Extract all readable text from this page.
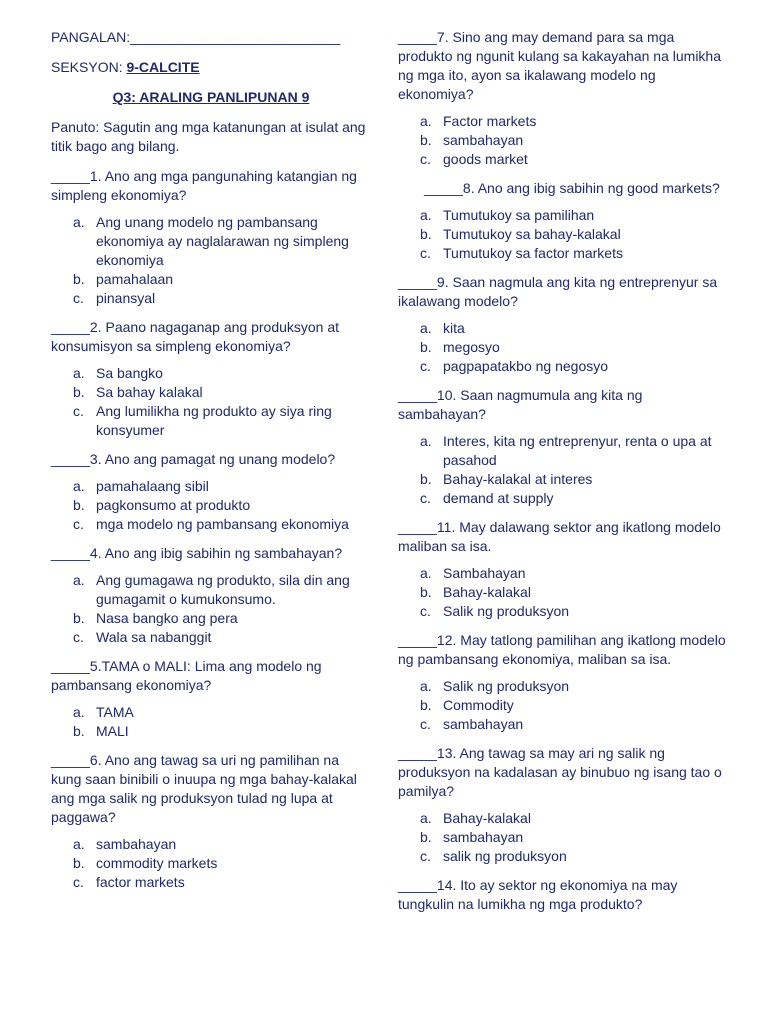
PANGALAN:___________________________
SEKSYON: 9-CALCITE
Q3: ARALING PANLIPUNAN 9
Panuto: Sagutin ang mga katanungan at isulat ang titik bago ang bilang.
_____1. Ano ang mga pangunahing katangian ng simpleng ekonomiya?
a. Ang unang modelo ng pambansang ekonomiya ay naglalarawan ng simpleng ekonomiya
b. pamahalaan
c. pinansyal
_____2. Paano nagaganap ang produksyon at konsumisyon sa simpleng ekonomiya?
a. Sa bangko
b. Sa bahay kalakal
c. Ang lumilikha ng produkto ay siya ring konsyumer
_____3. Ano ang pamagat ng unang modelo?
a. pamahalaang sibil
b. pagkonsumo at produkto
c. mga modelo ng pambansang ekonomiya
_____4. Ano ang ibig sabihin ng sambahayan?
a. Ang gumagawa ng produkto, sila din ang gumagamit o kumukonsumo.
b. Nasa bangko ang pera
c. Wala sa nabanggit
_____5.TAMA o MALI: Lima ang modelo ng pambansang ekonomiya?
a. TAMA
b. MALI
_____6. Ano ang tawag sa uri ng pamilihan na kung saan binibili o inuupa ng mga bahay-kalakal ang mga salik ng produksyon tulad ng lupa at paggawa?
a. sambahayan
b. commodity markets
c. factor markets
_____7. Sino ang may demand para sa mga produkto ng ngunit kulang sa kakayahan na lumikha ng mga ito, ayon sa ikalawang modelo ng ekonomiya?
a. Factor markets
b. sambahayan
c. goods market
_____8. Ano ang ibig sabihin ng good markets?
a. Tumutukoy sa pamilihan
b. Tumutukoy sa bahay-kalakal
c. Tumutukoy sa factor markets
_____9. Saan nagmula ang kita ng entreprenyur sa ikalawang modelo?
a. kita
b. megosyo
c. pagpapatakbo ng negosyo
_____10. Saan nagmumula ang kita ng sambahayan?
a. Interes, kita ng entreprenyur, renta o upa at pasahod
b. Bahay-kalakal at interes
c. demand at supply
_____11. May dalawang sektor ang ikatlong modelo maliban sa isa.
a. Sambahayan
b. Bahay-kalakal
c. Salik ng produksyon
_____12. May tatlong pamilihan ang ikatlong modelo ng pambansang ekonomiya, maliban sa isa.
a. Salik ng produksyon
b. Commodity
c. sambahayan
_____13. Ang tawag sa may ari ng salik ng produksyon na kadalasan ay binubuo ng isang tao o pamilya?
a. Bahay-kalakal
b. sambahayan
c. salik ng produksyon
_____14. Ito ay sektor ng ekonomiya na may tungkulin na lumikha ng mga produkto?
